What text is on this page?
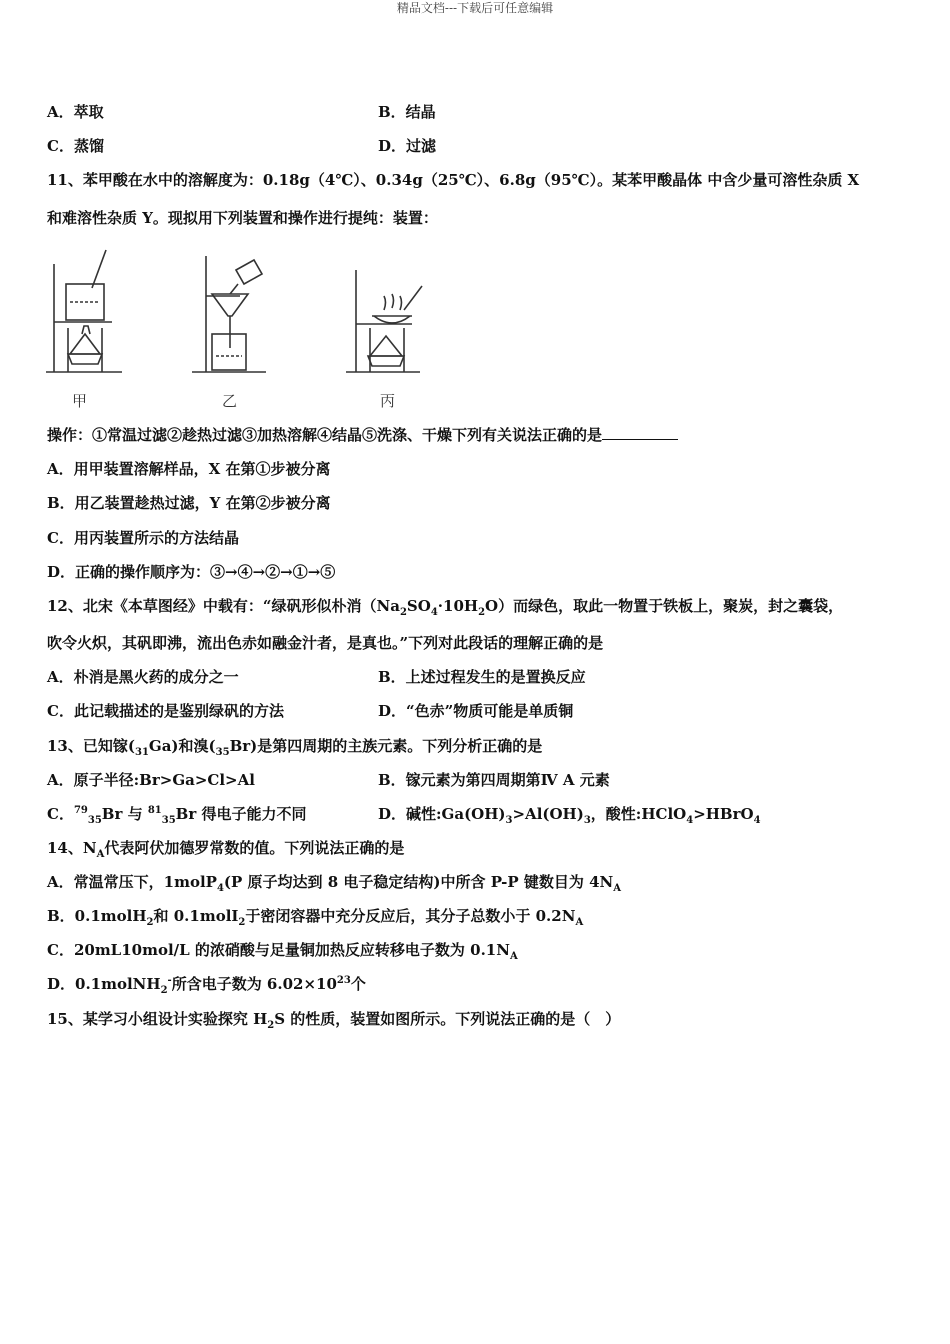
精品文档---下载后可任意编辑
A．萃取	B．结晶
C．蒸馏	D．过滤
11、苯甲酸在水中的溶解度为：0.18g（4℃）、0.34g（25℃）、6.8g（95℃）。某苯甲酸晶体 中含少量可溶性杂质 X
和难溶性杂质 Y。现拟用下列装置和操作进行提纯：装置：
甲	乙	丙
操作：①常温过滤②趁热过滤③加热溶解④结晶⑤洗涤、干燥下列有关说法正确的是
A．用甲装置溶解样品，X 在第①步被分离
B．用乙装置趁热过滤，Y 在第②步被分离
C．用丙装置所示的方法结晶
D．正确的操作顺序为：③→④→②→①→⑤
12、北宋《本草图经》中载有：“绿矾形似朴消$(Na_2SO_4\cdot 10H_2O)$而绿色，取此一物置于铁板上，聚炭，封之囊袋，
吹令火炽，其矾即沸，流出色赤如融金汁者，是真也。”下列对此段话的理解正确的是
A．朴消是黑火药的成分之一	B．上述过程发生的是置换反应
C．此记载描述的是鉴别绿矾的方法	D．“色赤”物质可能是单质铜
13、已知镓$(_{31}Ga)$和溴$(_{35}Br)$是第四周期的主族元素。下列分析正确的是
A．原子半径:Br>Ga>Cl>Al	B．镓元素为第四周期第Ⅳ A 元素
C．$^{79}_{35}$Br 与 $^{81}_{35}$Br 得电子能力不同	D．碱性$:Ga(OH)_3>Al(OH)_3$，酸性:HClO$_4$>HBrO$_4$
14、$N_A$代表阿伏加德罗常数的值。下列说法正确的是
A．常温常压下，1molP$_4$(P 原子均达到 8 电子稳定结构)中所含 P-P 键数目为 $4N_A$
B．0.1molH$_2$和 0.1molI$_2$于密闭容器中充分反应后，其分子总数小于 $0.2N_A$
C．20mL10mol/L 的浓硝酸与足量铜加热反应转移电子数为 $0.1N_A$
D．0.1molNH$_2$-所含电子数为 $6.02\times 10^{23}$个
15、某学习小组设计实验探究 $H_2S$ 的性质，装置如图所示。下列说法正确的是（　）
